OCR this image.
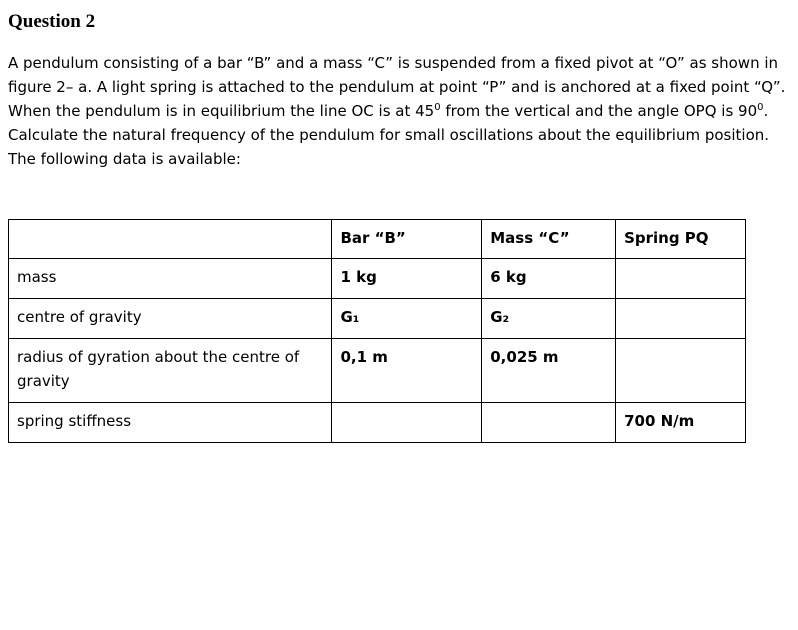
Question 2
A pendulum consisting of a bar “B” and a mass “C” is suspended from a fixed pivot at “O” as shown in
figure 2– a. A light spring is attached to the pendulum at point “P” and is anchored at a fixed point “Q”.
When the pendulum is in equilibrium the line OC is at $45^0$ from the vertical and the angle OPQ is $90^0$.
Calculate the natural frequency of the pendulum for small oscillations about the equilibrium position.
The following data is available:
	Bar “B”	Mass “C”	Spring PQ
mass	1 kg	6 kg	
centre of gravity	G₁	G₂	
radius of gyration about the centre of gravity	0,1 m	0,025 m	
spring stiffness			700 N/m
